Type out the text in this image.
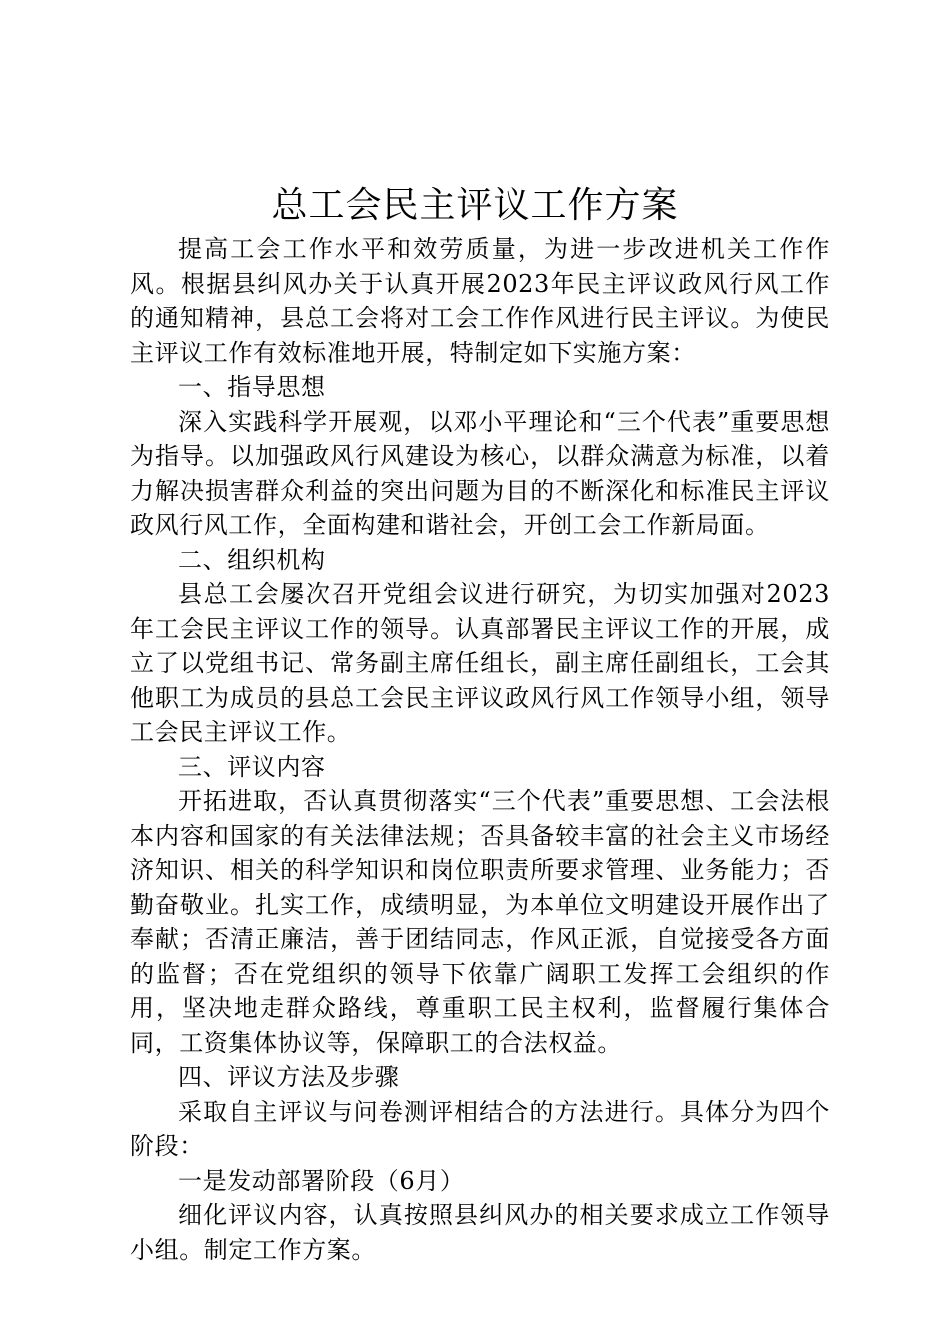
总工会民主评议工作方案

提高工会工作水平和效劳质量，为进一步改进机关工作作风。根据县纠风办关于认真开展2023年民主评议政风行风工作的通知精神，县总工会将对工会工作作风进行民主评议。为使民主评议工作有效标准地开展，特制定如下实施方案：

一、指导思想

深入实践科学开展观，以邓小平理论和“三个代表”重要思想为指导。以加强政风行风建设为核心，以群众满意为标准，以着力解决损害群众利益的突出问题为目的不断深化和标准民主评议政风行风工作，全面构建和谐社会，开创工会工作新局面。

二、组织机构

县总工会屡次召开党组会议进行研究，为切实加强对2023年工会民主评议工作的领导。认真部署民主评议工作的开展，成立了以党组书记、常务副主席任组长，副主席任副组长，工会其他职工为成员的县总工会民主评议政风行风工作领导小组，领导工会民主评议工作。

三、评议内容

开拓进取，否认真贯彻落实“三个代表”重要思想、工会法根本内容和国家的有关法律法规；否具备较丰富的社会主义市场经济知识、相关的科学知识和岗位职责所要求管理、业务能力；否勤奋敬业。扎实工作，成绩明显，为本单位文明建设开展作出了奉献；否清正廉洁，善于团结同志，作风正派，自觉接受各方面的监督；否在党组织的领导下依靠广阔职工发挥工会组织的作用，坚决地走群众路线，尊重职工民主权利，监督履行集体合同，工资集体协议等，保障职工的合法权益。

四、评议方法及步骤

采取自主评议与问卷测评相结合的方法进行。具体分为四个阶段：

一是发动部署阶段（6月）

细化评议内容，认真按照县纠风办的相关要求成立工作领导小组。制定工作方案。
